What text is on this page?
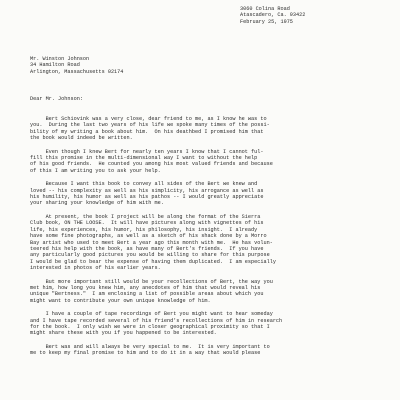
3060 Colina Road
Atascadero, Ca. 93422
February 25, 1975
Mr. Winston Johnson
34 Hamilton Road
Arlington, Massachusetts 02174
Dear Mr. Johnson:
Bert Schiovink was a very close, dear friend to me, as I know he was to
you.  During the last two years of his life we spoke many times of the possi-
bility of my writing a book about him.  On his deathbed I promised him that
the book would indeed be written.
Even though I knew Bert for nearly ten years I know that I cannot ful-
fill this promise in the multi-dimensional way I want to without the help
of his good friends.  He counted you among his most valued friends and because
of this I am writing you to ask your help.
Because I want this book to convey all sides of the Bert we knew and
loved -- his complexity as well as his simplicity, his arrogance as well as
his humility, his humor as well as his pathos -- I would greatly appreciate
your sharing your knowledge of him with me.
At present, the book I project will be along the format of the Sierra
Club book, ON THE LOOSE.  It will have pictures along with vignettes of his
life, his experiences, his humor, his philosophy, his insight.  I already
have some fine photographs, as well as a sketch of his shack done by a Morro
Bay artist who used to meet Bert a year ago this month with me.  He has volun-
teered his help with the book, as have many of Bert's friends.  If you have
any particularly good pictures you would be willing to share for this purpose
I would be glad to bear the expense of having them duplicated.  I am especially
interested in photos of his earlier years.
But more important still would be your recollections of Bert, the way you
met him, how long you knew him, any anecdotes of him that would reveal his
unique "Bertness."  I am enclosing a list of possible areas about which you
might want to contribute your own unique knowledge of him.
I have a couple of tape recordings of Bert you might want to hear someday
and I have tape recorded several of his friend's recollections of him in research
for the book.  I only wish we were in closer geographical proximity so that I
might share these with you if you happened to be interested.
Bert was and will always be very special to me.  It is very important to
me to keep my final promise to him and to do it in a way that would please
